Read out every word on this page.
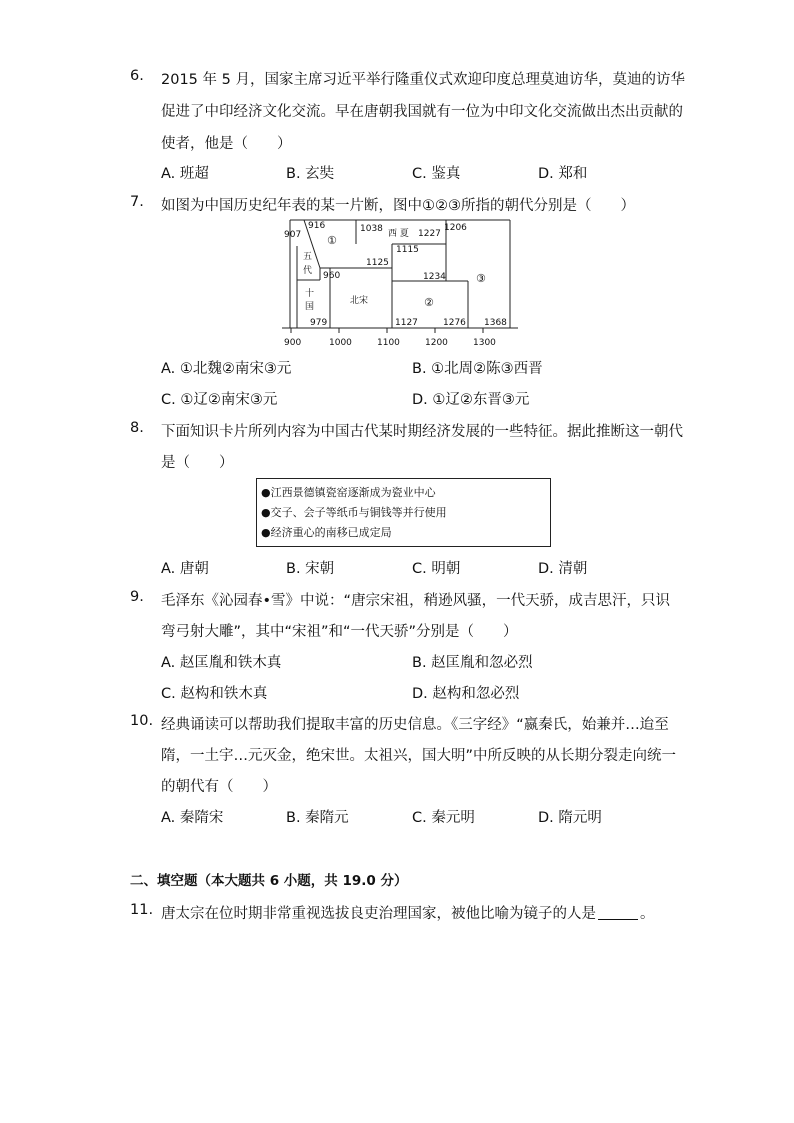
6. 2015 年 5 月，国家主席习近平举行隆重仪式欢迎印度总理莫迪访华，莫迪的访华
促进了中印经济文化交流。早在唐朝我国就有一位为中印文化交流做出杰出贡献的
使者，他是（　　）
A. 班超	B. 玄奘	C. 鉴真	D. 郑和
7. 如图为中国历史纪年表的某一片断，图中①②③所指的朝代分别是（　　）
907
916
①
1038 西 夏 1227
1206
1115
五
代
1125
960	③
1234
十
国
北宋	②
979	1127	1276 1368
900	1000	1100	1200	1300
A. ①北魏②南宋③元	B. ①北周②陈③西晋
C. ①辽②南宋③元	D. ①辽②东晋③元
8. 下面知识卡片所列内容为中国古代某时期经济发展的一些特征。据此推断这一朝代
是（　　）
●江西景德镇瓷窑逐渐成为瓷业中心
●交子、会子等纸币与铜钱等并行使用
●经济重心的南移已成定局
A. 唐朝	B. 宋朝	C. 明朝	D. 清朝
9. 毛泽东《沁园春•雪》中说：“唐宗宋祖，稍逊风骚，一代天骄，成吉思汗，只识
弯弓射大雕”，其中“宋祖”和“一代天骄”分别是（　　）
A. 赵匡胤和铁木真	B. 赵匡胤和忽必烈
C. 赵构和铁木真	D. 赵构和忽必烈
10. 经典诵读可以帮助我们提取丰富的历史信息。《三字经》“嬴秦氏，始兼并…迨至
隋，一土宇…元灭金，绝宋世。太祖兴，国大明”中所反映的从长期分裂走向统一
的朝代有（　　）
A. 秦隋宋	B. 秦隋元	C. 秦元明	D. 隋元明
二、填空题（本大题共 6 小题，共 19.0 分）
11. 唐太宗在位时期非常重视选拔良吏治理国家，被他比喻为镜子的人是	。
